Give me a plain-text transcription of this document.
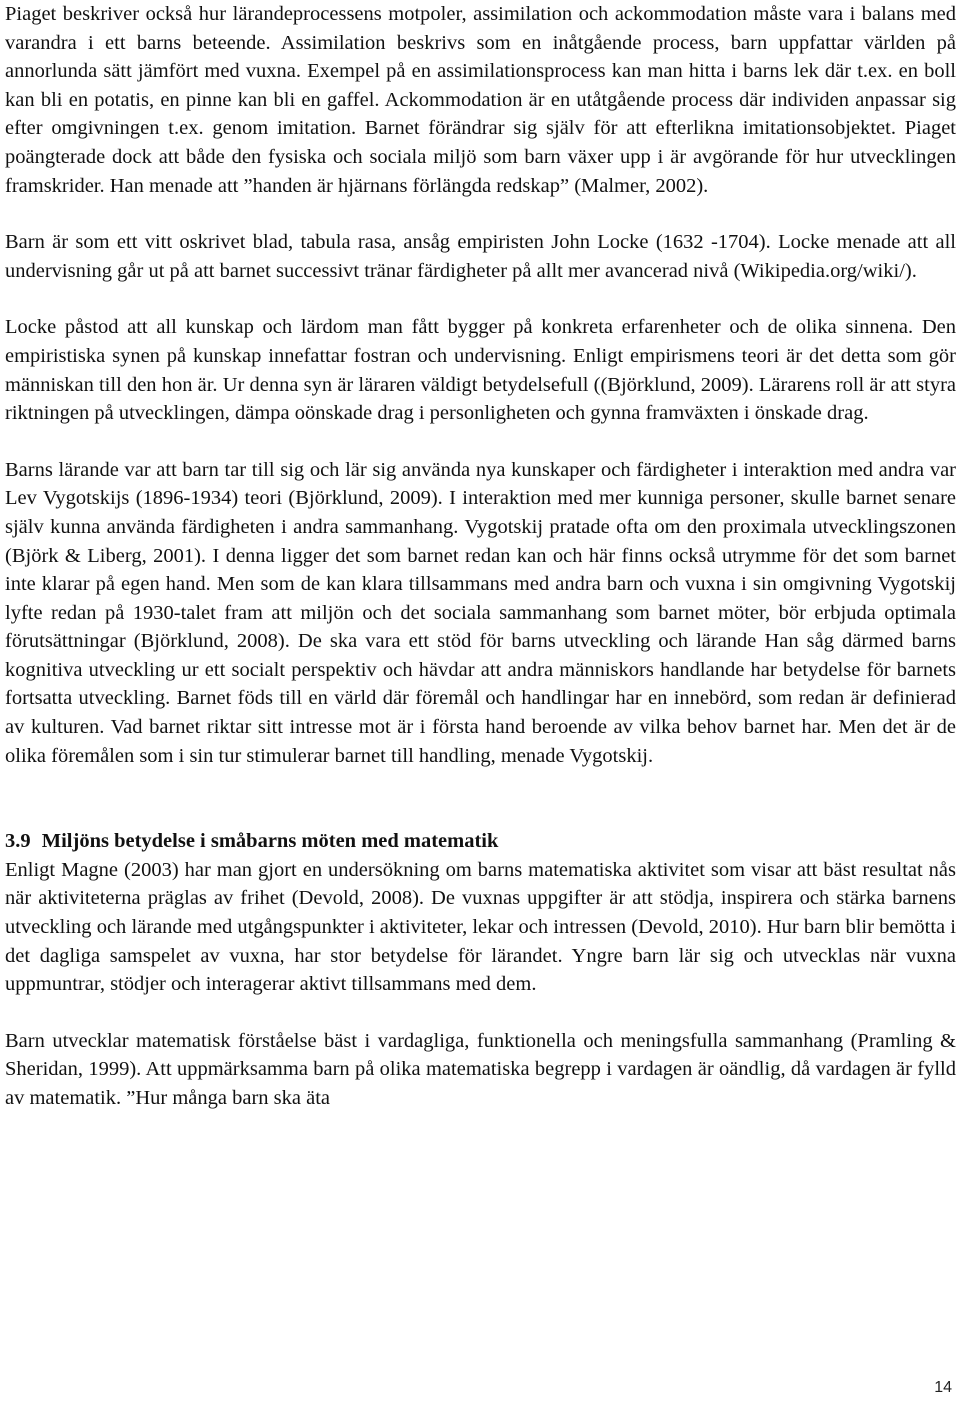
Piaget beskriver också hur lärandeprocessens motpoler, assimilation och ackommodation måste vara i balans med varandra i ett barns beteende. Assimilation beskrivs som en inåtgående process, barn uppfattar världen på annorlunda sätt jämfört med vuxna. Exempel på en assimilationsprocess kan man hitta i barns lek där t.ex. en boll kan bli en potatis, en pinne kan bli en gaffel. Ackommodation är en utåtgående process där individen anpassar sig efter omgivningen t.ex. genom imitation. Barnet förändrar sig själv för att efterlikna imitationsobjektet. Piaget poängterade dock att både den fysiska och sociala miljö som barn växer upp i är avgörande för hur utvecklingen framskrider. Han menade att ”handen är hjärnans förlängda redskap” (Malmer, 2002).

Barn är som ett vitt oskrivet blad, tabula rasa, ansåg empiristen John Locke (1632 -1704). Locke menade att all undervisning går ut på att barnet successivt tränar färdigheter på allt mer avancerad nivå (Wikipedia.org/wiki/).

Locke påstod att all kunskap och lärdom man fått bygger på konkreta erfarenheter och de olika sinnena. Den empiristiska synen på kunskap innefattar fostran och undervisning. Enligt empirismens teori är det detta som gör människan till den hon är. Ur denna syn är läraren väldigt betydelsefull ((Björklund, 2009). Lärarens roll är att styra riktningen på utvecklingen, dämpa oönskade drag i personligheten och gynna framväxten i önskade drag.

Barns lärande var att barn tar till sig och lär sig använda nya kunskaper och färdigheter i interaktion med andra var Lev Vygotskijs (1896-1934) teori (Björklund, 2009). I interaktion med mer kunniga personer, skulle barnet senare själv kunna använda färdigheten i andra sammanhang. Vygotskij pratade ofta om den proximala utvecklingszonen (Björk & Liberg, 2001). I denna ligger det som barnet redan kan och här finns också utrymme för det som barnet inte klarar på egen hand. Men som de kan klara tillsammans med andra barn och vuxna i sin omgivning Vygotskij lyfte redan på 1930-talet fram att miljön och det sociala sammanhang som barnet möter, bör erbjuda optimala förutsättningar (Björklund, 2008). De ska vara ett stöd för barns utveckling och lärande Han såg därmed barns kognitiva utveckling ur ett socialt perspektiv och hävdar att andra människors handlande har betydelse för barnets fortsatta utveckling. Barnet föds till en värld där föremål och handlingar har en innebörd, som redan är definierad av kulturen. Vad barnet riktar sitt intresse mot är i första hand beroende av vilka behov barnet har. Men det är de olika föremålen som i sin tur stimulerar barnet till handling, menade Vygotskij.

3.9 Miljöns betydelse i småbarns möten med matematik

Enligt Magne (2003) har man gjort en undersökning om barns matematiska aktivitet som visar att bäst resultat nås när aktiviteterna präglas av frihet (Devold, 2008). De vuxnas uppgifter är att stödja, inspirera och stärka barnens utveckling och lärande med utgångspunkter i aktiviteter, lekar och intressen (Devold, 2010). Hur barn blir bemötta i det dagliga samspelet av vuxna, har stor betydelse för lärandet. Yngre barn lär sig och utvecklas när vuxna uppmuntrar, stödjer och interagerar aktivt tillsammans med dem.

Barn utvecklar matematisk förståelse bäst i vardagliga, funktionella och meningsfulla sammanhang (Pramling & Sheridan, 1999). Att uppmärksamma barn på olika matematiska begrepp i vardagen är oändlig, då vardagen är fylld av matematik. ”Hur många barn ska äta

14
